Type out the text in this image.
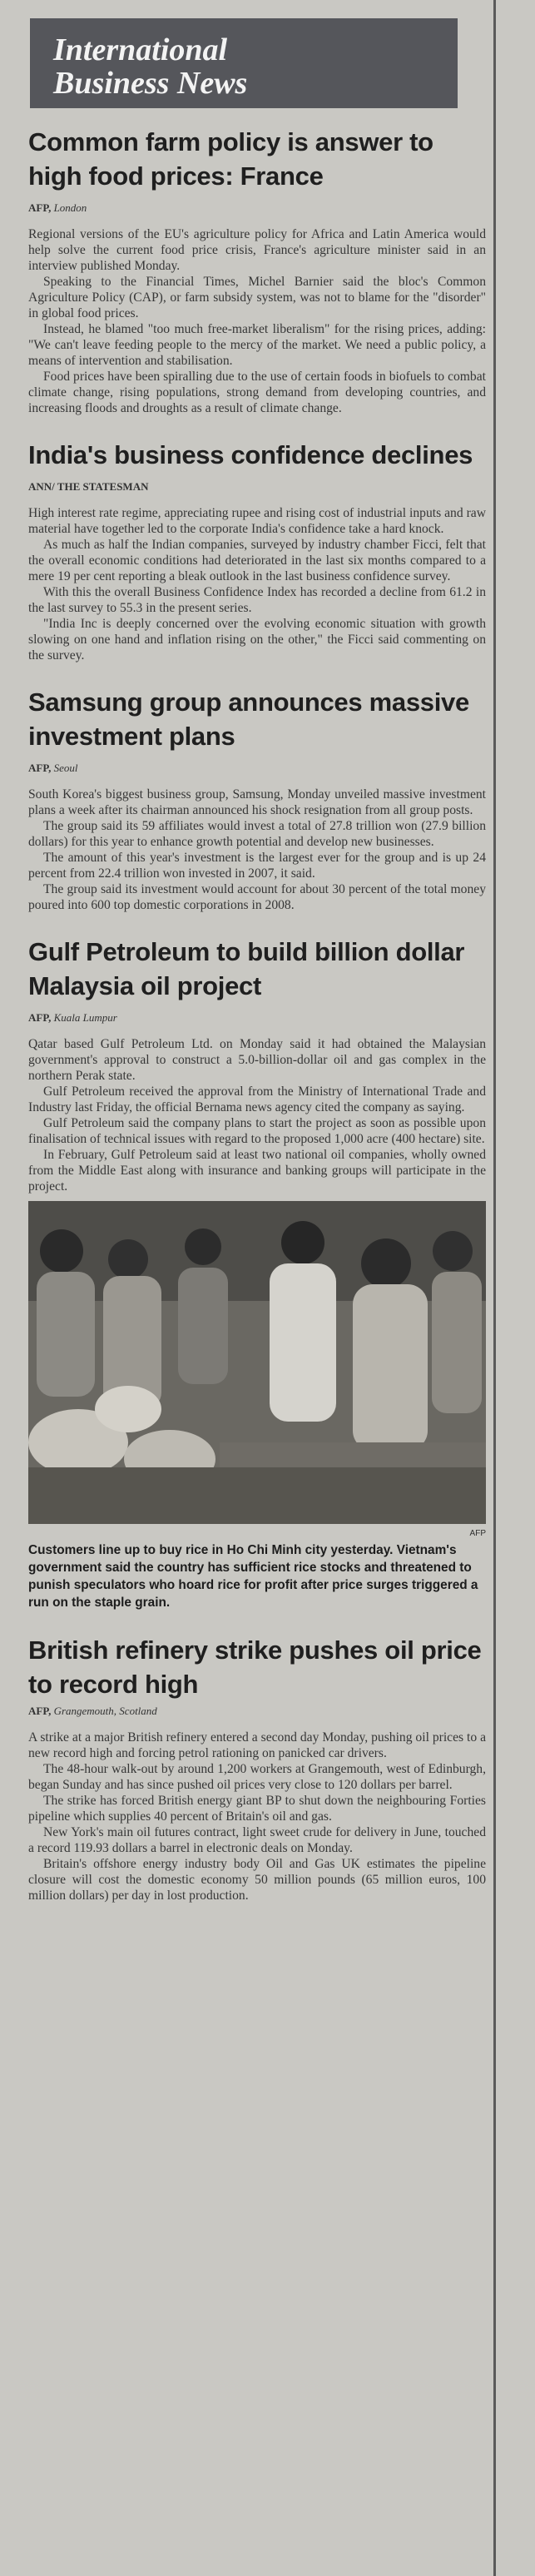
International
Business News
Common farm policy is answer to high food prices: France
AFP, London

Regional versions of the EU's agriculture policy for Africa and Latin America would help solve the current food price crisis, France's agriculture minister said in an interview published Monday.

Speaking to the Financial Times, Michel Barnier said the bloc's Common Agriculture Policy (CAP), or farm subsidy system, was not to blame for the "disorder" in global food prices.

Instead, he blamed "too much free-market liberalism" for the rising prices, adding: "We can't leave feeding people to the mercy of the market. We need a public policy, a means of intervention and stabilisation.

Food prices have been spiralling due to the use of certain foods in biofuels to combat climate change, rising populations, strong demand from developing countries, and increasing floods and droughts as a result of climate change.

India's business confidence declines
ANN/ THE STATESMAN

High interest rate regime, appreciating rupee and rising cost of industrial inputs and raw material have together led to the corporate India's confidence take a hard knock.

As much as half the Indian companies, surveyed by industry chamber Ficci, felt that the overall economic conditions had deteriorated in the last six months compared to a mere 19 per cent reporting a bleak outlook in the last business confidence survey.

With this the overall Business Confidence Index has recorded a decline from 61.2 in the last survey to 55.3 in the present series.

"India Inc is deeply concerned over the evolving economic situation with growth slowing on one hand and inflation rising on the other," the Ficci said commenting on the survey.

Samsung group announces massive investment plans
AFP, Seoul

South Korea's biggest business group, Samsung, Monday unveiled massive investment plans a week after its chairman announced his shock resignation from all group posts.

The group said its 59 affiliates would invest a total of 27.8 trillion won (27.9 billion dollars) for this year to enhance growth potential and develop new businesses.

The amount of this year's investment is the largest ever for the group and is up 24 percent from 22.4 trillion won invested in 2007, it said.

The group said its investment would account for about 30 percent of the total money poured into 600 top domestic corporations in 2008.

Gulf Petroleum to build billion dollar Malaysia oil project
AFP, Kuala Lumpur

Qatar based Gulf Petroleum Ltd. on Monday said it had obtained the Malaysian government's approval to construct a 5.0-billion-dollar oil and gas complex in the northern Perak state.

Gulf Petroleum received the approval from the Ministry of International Trade and Industry last Friday, the official Bernama news agency cited the company as saying.

Gulf Petroleum said the company plans to start the project as soon as possible upon finalisation of technical issues with regard to the proposed 1,000 acre (400 hectare) site.

In February, Gulf Petroleum said at least two national oil companies, wholly owned from the Middle East along with insurance and banking groups will participate in the project.

AFP
Customers line up to buy rice in Ho Chi Minh city yesterday. Vietnam's government said the country has sufficient rice stocks and threatened to punish speculators who hoard rice for profit after price surges triggered a run on the staple grain.
British refinery strike pushes oil price to record high
AFP, Grangemouth, Scotland

A strike at a major British refinery entered a second day Monday, pushing oil prices to a new record high and forcing petrol rationing on panicked car drivers.

The 48-hour walk-out by around 1,200 workers at Grangemouth, west of Edinburgh, began Sunday and has since pushed oil prices very close to 120 dollars per barrel.

The strike has forced British energy giant BP to shut down the neighbouring Forties pipeline which supplies 40 percent of Britain's oil and gas.

New York's main oil futures contract, light sweet crude for delivery in June, touched a record 119.93 dollars a barrel in electronic deals on Monday.

Britain's offshore energy industry body Oil and Gas UK estimates the pipeline closure will cost the domestic economy 50 million pounds (65 million euros, 100 million dollars) per day in lost production.
